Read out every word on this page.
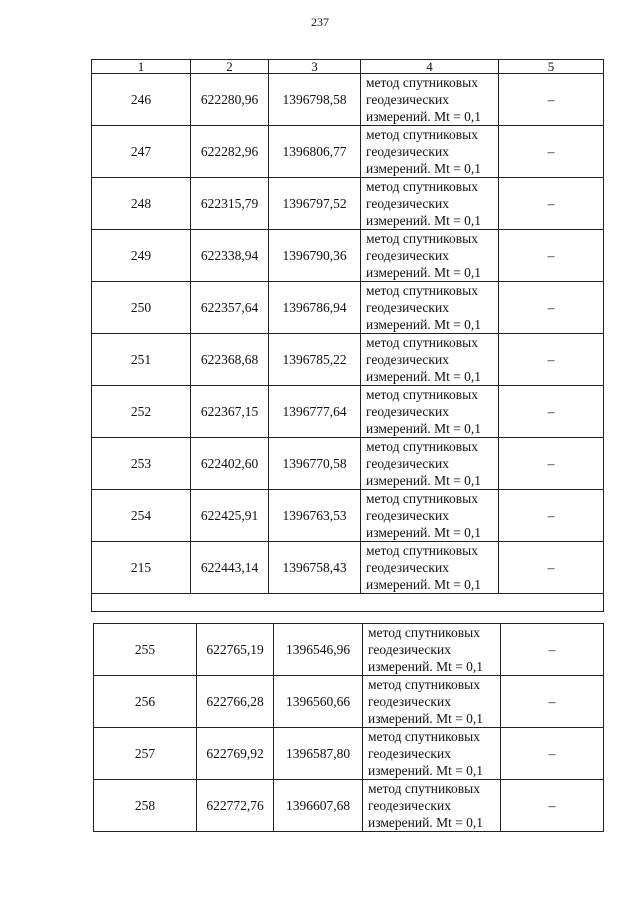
237
1	2	3	4	5
246	622280,96	1396798,58	метод спутниковых геодезических измерений. Mt = 0,1	–
247	622282,96	1396806,77	метод спутниковых геодезических измерений. Mt = 0,1	–
248	622315,79	1396797,52	метод спутниковых геодезических измерений. Mt = 0,1	–
249	622338,94	1396790,36	метод спутниковых геодезических измерений. Mt = 0,1	–
250	622357,64	1396786,94	метод спутниковых геодезических измерений. Mt = 0,1	–
251	622368,68	1396785,22	метод спутниковых геодезических измерений. Mt = 0,1	–
252	622367,15	1396777,64	метод спутниковых геодезических измерений. Mt = 0,1	–
253	622402,60	1396770,58	метод спутниковых геодезических измерений. Mt = 0,1	–
254	622425,91	1396763,53	метод спутниковых геодезических измерений. Mt = 0,1	–
215	622443,14	1396758,43	метод спутниковых геодезических измерений. Mt = 0,1	–

255	622765,19	1396546,96	метод спутниковых геодезических измерений. Mt = 0,1	–
256	622766,28	1396560,66	метод спутниковых геодезических измерений. Mt = 0,1	–
257	622769,92	1396587,80	метод спутниковых геодезических измерений. Mt = 0,1	–
258	622772,76	1396607,68	метод спутниковых геодезических измерений. Mt = 0,1	–
